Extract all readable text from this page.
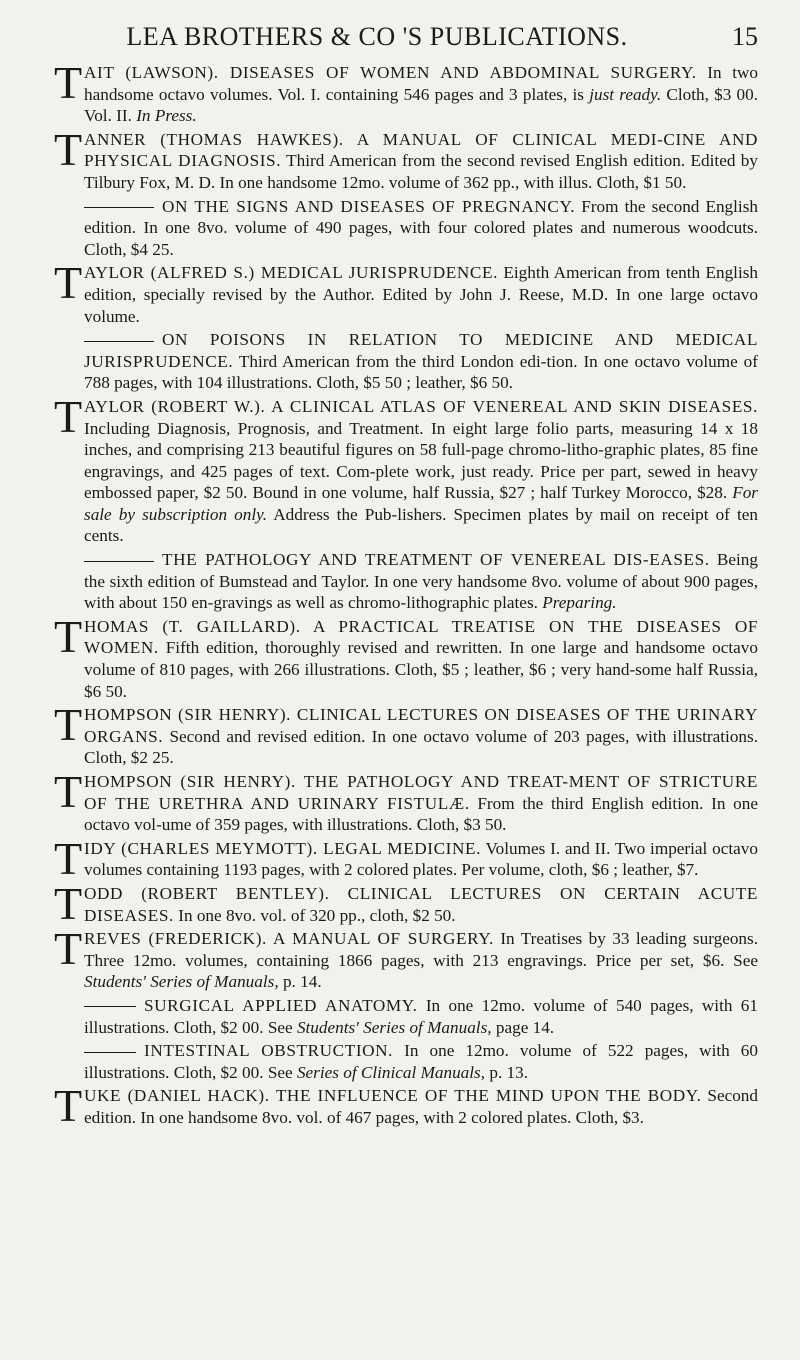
LEA BROTHERS & CO 'S PUBLICATIONS.	15
T AIT (LAWSON). DISEASES OF WOMEN AND ABDOMINAL SURGERY. In two handsome octavo volumes. Vol. I. containing 546 pages and 3 plates, is just ready. Cloth, $3 00. Vol. II. In Press.
T ANNER (THOMAS HAWKES). A MANUAL OF CLINICAL MEDI-CINE AND PHYSICAL DIAGNOSIS. Third American from the second revised English edition. Edited by Tilbury Fox, M. D. In one handsome 12mo. volume of 362 pp., with illus. Cloth, $1 50.
ON THE SIGNS AND DISEASES OF PREGNANCY. From the second English edition. In one 8vo. volume of 490 pages, with four colored plates and numerous woodcuts. Cloth, $4 25.
T AYLOR (ALFRED S.) MEDICAL JURISPRUDENCE. Eighth American from tenth English edition, specially revised by the Author. Edited by John J. Reese, M.D. In one large octavo volume.
ON POISONS IN RELATION TO MEDICINE AND MEDICAL JURISPRUDENCE. Third American from the third London edi-tion. In one octavo volume of 788 pages, with 104 illustrations. Cloth, $5 50 ; leather, $6 50.
T AYLOR (ROBERT W.). A CLINICAL ATLAS OF VENEREAL AND SKIN DISEASES. Including Diagnosis, Prognosis, and Treatment. In eight large folio parts, measuring 14 x 18 inches, and comprising 213 beautiful figures on 58 full-page chromo-litho-graphic plates, 85 fine engravings, and 425 pages of text. Com-plete work, just ready. Price per part, sewed in heavy embossed paper, $2 50. Bound in one volume, half Russia, $27 ; half Turkey Morocco, $28. For sale by subscription only. Address the Pub-lishers. Specimen plates by mail on receipt of ten cents.
THE PATHOLOGY AND TREATMENT OF VENEREAL DIS-EASES. Being the sixth edition of Bumstead and Taylor. In one very handsome 8vo. volume of about 900 pages, with about 150 en-gravings as well as chromo-lithographic plates. Preparing.
T HOMAS (T. GAILLARD). A PRACTICAL TREATISE ON THE DISEASES OF WOMEN. Fifth edition, thoroughly revised and rewritten. In one large and handsome octavo volume of 810 pages, with 266 illustrations. Cloth, $5 ; leather, $6 ; very hand-some half Russia, $6 50.
T HOMPSON (SIR HENRY). CLINICAL LECTURES ON DISEASES OF THE URINARY ORGANS. Second and revised edition. In one octavo volume of 203 pages, with illustrations. Cloth, $2 25.
T HOMPSON (SIR HENRY). THE PATHOLOGY AND TREAT-MENT OF STRICTURE OF THE URETHRA AND URINARY FISTULÆ. From the third English edition. In one octavo vol-ume of 359 pages, with illustrations. Cloth, $3 50.
T IDY (CHARLES MEYMOTT). LEGAL MEDICINE. Volumes I. and II. Two imperial octavo volumes containing 1193 pages, with 2 colored plates. Per volume, cloth, $6 ; leather, $7.
T ODD (ROBERT BENTLEY). CLINICAL LECTURES ON CERTAIN ACUTE DISEASES. In one 8vo. vol. of 320 pp., cloth, $2 50.
T REVES (FREDERICK). A MANUAL OF SURGERY. In Treatises by 33 leading surgeons. Three 12mo. volumes, containing 1866 pages, with 213 engravings. Price per set, $6. See Students' Series of Manuals, p. 14.
SURGICAL APPLIED ANATOMY. In one 12mo. volume of 540 pages, with 61 illustrations. Cloth, $2 00. See Students' Series of Manuals, page 14.
INTESTINAL OBSTRUCTION. In one 12mo. volume of 522 pages, with 60 illustrations. Cloth, $2 00. See Series of Clinical Manuals, p. 13.
T UKE (DANIEL HACK). THE INFLUENCE OF THE MIND UPON THE BODY. Second edition. In one handsome 8vo. vol. of 467 pages, with 2 colored plates. Cloth, $3.
